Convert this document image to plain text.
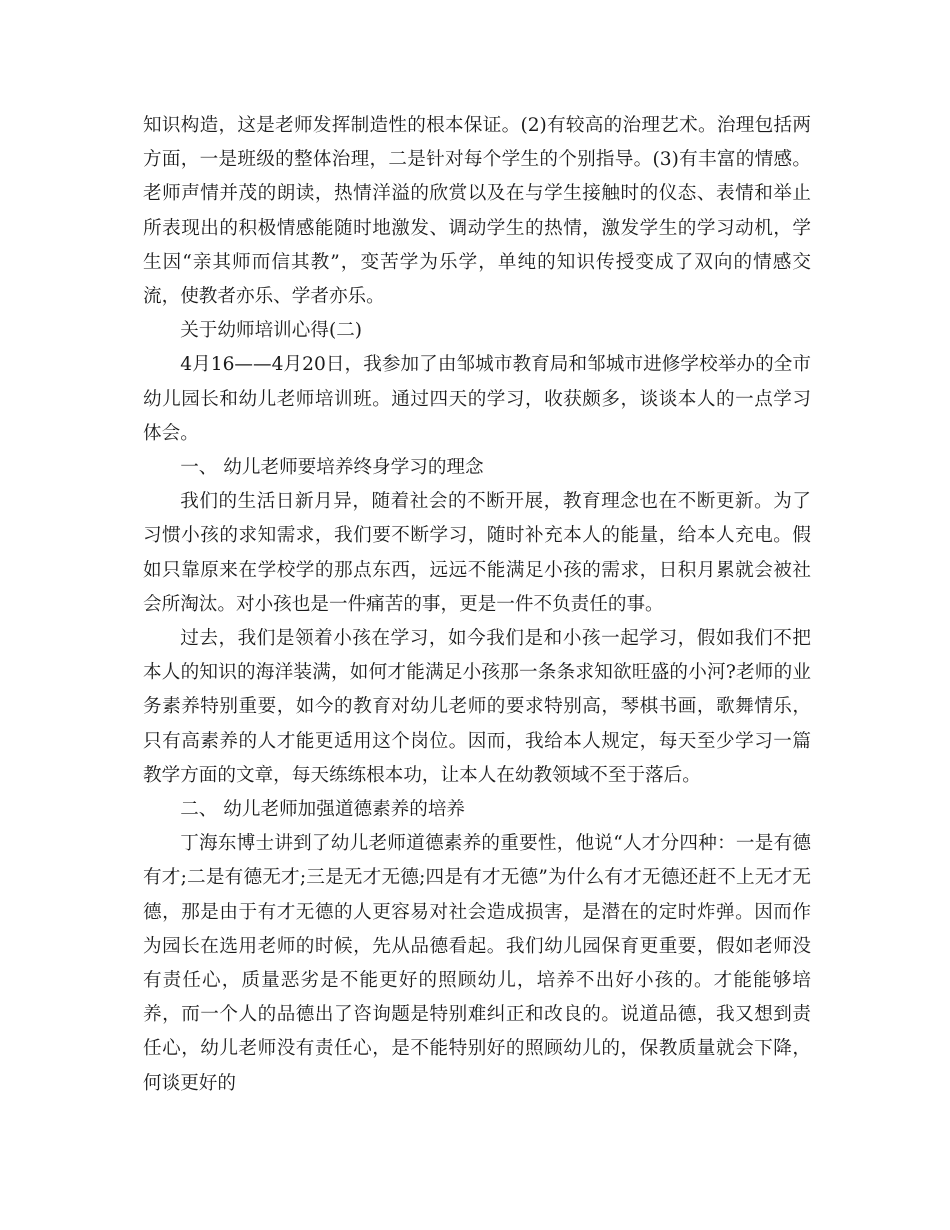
知识构造，这是老师发挥制造性的根本保证。(2)有较高的治理艺术。治理包括两方面，一是班级的整体治理，二是针对每个学生的个别指导。(3)有丰富的情感。老师声情并茂的朗读，热情洋溢的欣赏以及在与学生接触时的仪态、表情和举止所表现出的积极情感能随时地激发、调动学生的热情，激发学生的学习动机，学生因“亲其师而信其教”，变苦学为乐学，单纯的知识传授变成了双向的情感交流，使教者亦乐、学者亦乐。

关于幼师培训心得(二)

4月16——4月20日，我参加了由邹城市教育局和邹城市进修学校举办的全市幼儿园长和幼儿老师培训班。通过四天的学习，收获颇多，谈谈本人的一点学习体会。

一、 幼儿老师要培养终身学习的理念

我们的生活日新月异，随着社会的不断开展，教育理念也在不断更新。为了习惯小孩的求知需求，我们要不断学习，随时补充本人的能量，给本人充电。假如只靠原来在学校学的那点东西，远远不能满足小孩的需求，日积月累就会被社会所淘汰。对小孩也是一件痛苦的事，更是一件不负责任的事。

过去，我们是领着小孩在学习，如今我们是和小孩一起学习，假如我们不把本人的知识的海洋装满，如何才能满足小孩那一条条求知欲旺盛的小河?老师的业务素养特别重要，如今的教育对幼儿老师的要求特别高，琴棋书画，歌舞情乐，只有高素养的人才能更适用这个岗位。因而，我给本人规定，每天至少学习一篇教学方面的文章，每天练练根本功，让本人在幼教领域不至于落后。

二、 幼儿老师加强道德素养的培养

丁海东博士讲到了幼儿老师道德素养的重要性，他说“人才分四种：一是有德有才;二是有德无才;三是无才无德;四是有才无德”为什么有才无德还赶不上无才无德，那是由于有才无德的人更容易对社会造成损害，是潜在的定时炸弹。因而作为园长在选用老师的时候，先从品德看起。我们幼儿园保育更重要，假如老师没有责任心，质量恶劣是不能更好的照顾幼儿，培养不出好小孩的。才能能够培养，而一个人的品德出了咨询题是特别难纠正和改良的。说道品德，我又想到责任心，幼儿老师没有责任心，是不能特别好的照顾幼儿的，保教质量就会下降，何谈更好的
